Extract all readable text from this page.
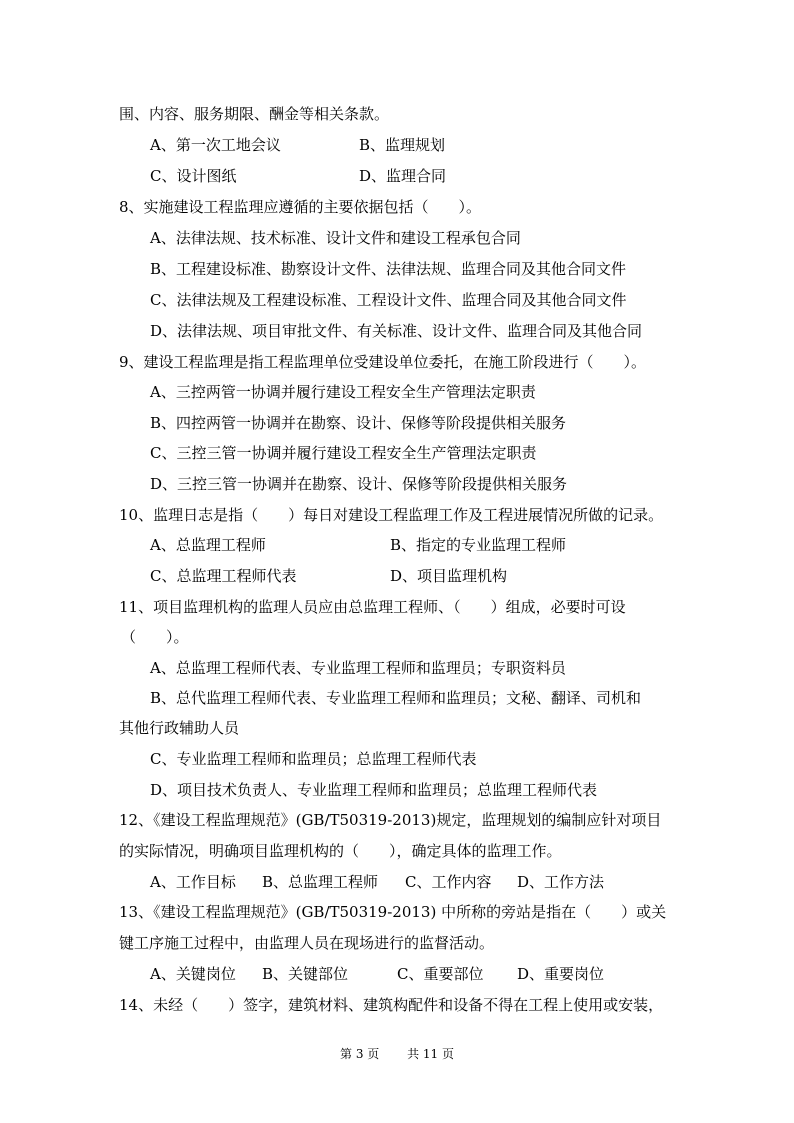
围、内容、服务期限、酬金等相关条款。
A、第一次工地会议	B、监理规划
C、设计图纸	D、监理合同
8、实施建设工程监理应遵循的主要依据包括（　　）。
A、法律法规、技术标准、设计文件和建设工程承包合同
B、工程建设标准、勘察设计文件、法律法规、监理合同及其他合同文件
C、法律法规及工程建设标准、工程设计文件、监理合同及其他合同文件
D、法律法规、项目审批文件、有关标准、设计文件、监理合同及其他合同
9、建设工程监理是指工程监理单位受建设单位委托，在施工阶段进行（　　）。
A、三控两管一协调并履行建设工程安全生产管理法定职责
B、四控两管一协调并在勘察、设计、保修等阶段提供相关服务
C、三控三管一协调并履行建设工程安全生产管理法定职责
D、三控三管一协调并在勘察、设计、保修等阶段提供相关服务
10、监理日志是指（　　）每日对建设工程监理工作及工程进展情况所做的记录。
A、总监理工程师	B、指定的专业监理工程师
C、总监理工程师代表	D、项目监理机构
11、项目监理机构的监理人员应由总监理工程师、（　　）组成，必要时可设
（　　）。
A、总监理工程师代表、专业监理工程师和监理员；专职资料员
B、总代监理工程师代表、专业监理工程师和监理员；文秘、翻译、司机和
其他行政辅助人员
C、专业监理工程师和监理员；总监理工程师代表
D、项目技术负责人、专业监理工程师和监理员；总监理工程师代表
12、《建设工程监理规范》(GB/T50319-2013)规定，监理规划的编制应针对项目
的实际情况，明确项目监理机构的（　　），确定具体的监理工作。
A、工作目标 B、总监理工程师 C、工作内容 D、工作方法
13、《建设工程监理规范》(GB/T50319-2013) 中所称的旁站是指在（　　）或关
键工序施工过程中，由监理人员在现场进行的监督活动。
A、关键岗位 B、关键部位	C、重要部位 D、重要岗位
14、未经（　　）签字，建筑材料、建筑构配件和设备不得在工程上使用或安装，
第 3 页　　 共 11 页
